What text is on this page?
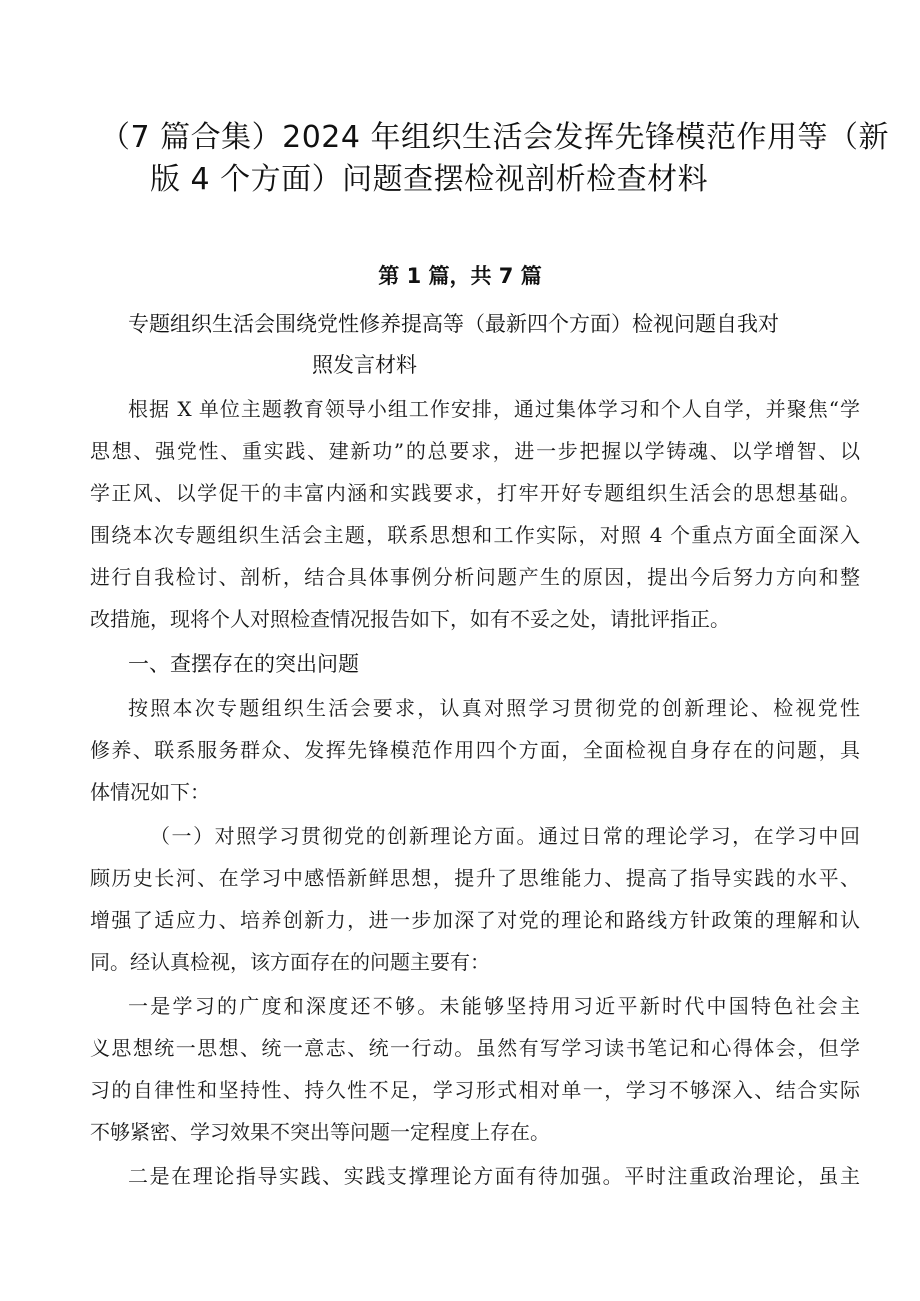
（7 篇合集）2024 年组织生活会发挥先锋模范作用等（新
版 4 个方面）问题查摆检视剖析检查材料
第 1 篇，共 7 篇
专题组织生活会围绕党性修养提高等（最新四个方面）检视问题自我对
照发言材料
根据 X 单位主题教育领导小组工作安排，通过集体学习和个人自学，并聚焦“学
思想、强党性、重实践、建新功”的总要求，进一步把握以学铸魂、以学增智、以
学正风、以学促干的丰富内涵和实践要求，打牢开好专题组织生活会的思想基础。
围绕本次专题组织生活会主题，联系思想和工作实际，对照 4 个重点方面全面深入
进行自我检讨、剖析，结合具体事例分析问题产生的原因，提出今后努力方向和整
改措施，现将个人对照检查情况报告如下，如有不妥之处，请批评指正。
一、查摆存在的突出问题
按照本次专题组织生活会要求，认真对照学习贯彻党的创新理论、检视党性
修养、联系服务群众、发挥先锋模范作用四个方面，全面检视自身存在的问题，具
体情况如下：
（一）对照学习贯彻党的创新理论方面。通过日常的理论学习，在学习中回
顾历史长河、在学习中感悟新鲜思想，提升了思维能力、提高了指导实践的水平、
增强了适应力、培养创新力，进一步加深了对党的理论和路线方针政策的理解和认
同。经认真检视，该方面存在的问题主要有：
一是学习的广度和深度还不够。未能够坚持用习近平新时代中国特色社会主
义思想统一思想、统一意志、统一行动。虽然有写学习读书笔记和心得体会，但学
习的自律性和坚持性、持久性不足，学习形式相对单一，学习不够深入、结合实际
不够紧密、学习效果不突出等问题一定程度上存在。
二是在理论指导实践、实践支撑理论方面有待加强。平时注重政治理论，虽主
